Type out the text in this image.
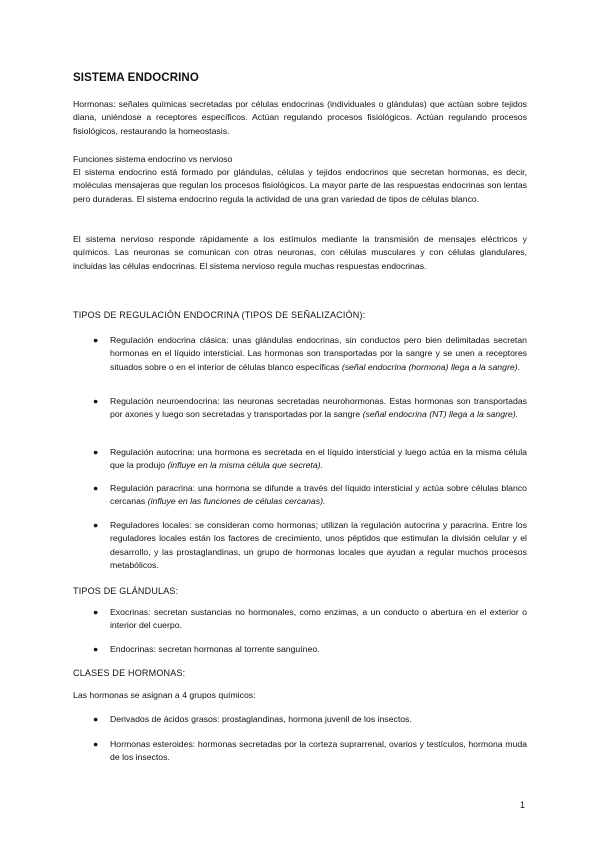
SISTEMA ENDOCRINO
Hormonas: señales químicas secretadas por células endocrinas (individuales o glándulas) que actúan sobre tejidos diana, uniéndose a receptores específicos. Actúan regulando procesos fisiológicos. Actúan regulando procesos fisiológicos, restaurando la homeostasis.
Funciones sistema endocrino vs nervioso
El sistema endocrino está formado por glándulas, células y tejidos endocrinos que secretan hormonas, es decir, moléculas mensajeras que regulan los procesos fisiológicos. La mayor parte de las respuestas endocrinas son lentas pero duraderas. El sistema endocrino regula la actividad de una gran variedad de tipos de células blanco.
El sistema nervioso responde rápidamente a los estímulos mediante la transmisión de mensajes eléctricos y químicos. Las neuronas se comunican con otras neuronas, con células musculares y con células glandulares, incluidas las células endocrinas. El sistema nervioso regula muchas respuestas endocrinas.
TIPOS DE REGULACIÓN ENDOCRINA (TIPOS DE SEÑALIZACIÓN):
● Regulación endocrina clásica: unas glándulas endocrinas, sin conductos pero bien delimitadas secretan hormonas en el líquido intersticial. Las hormonas son transportadas por la sangre y se unen a receptores situados sobre o en el interior de células blanco específicas (señal endocrina (hormona) llega a la sangre).
● Regulación neuroendocrina: las neuronas secretadas neurohormonas. Estas hormonas son transportadas por axones y luego son secretadas y transportadas por la sangre (señal endocrina (NT) llega a la sangre).
● Regulación autocrina: una hormona es secretada en el líquido intersticial y luego actúa en la misma célula que la produjo (influye en la misma célula que secreta).
● Regulación paracrina: una hormona se difunde a través del líquido intersticial y actúa sobre células blanco cercanas (influye en las funciones de células cercanas).
● Reguladores locales: se consideran como hormonas; utilizan la regulación autocrina y paracrina. Entre los reguladores locales están los factores de crecimiento, unos péptidos que estimulan la división celular y el desarrollo, y las prostaglandinas, un grupo de hormonas locales que ayudan a regular muchos procesos metabólicos.
TIPOS DE GLÁNDULAS:
● Exocrinas: secretan sustancias no hormonales, como enzimas, a un conducto o abertura en el exterior o interior del cuerpo.
● Endocrinas: secretan hormonas al torrente sanguíneo.
CLASES DE HORMONAS:
Las hormonas se asignan a 4 grupos químicos:
● Derivados de ácidos grasos: prostaglandinas, hormona juvenil de los insectos.
● Hormonas esteroides: hormonas secretadas por la corteza suprarrenal, ovarios y testículos, hormona muda de los insectos.
1
